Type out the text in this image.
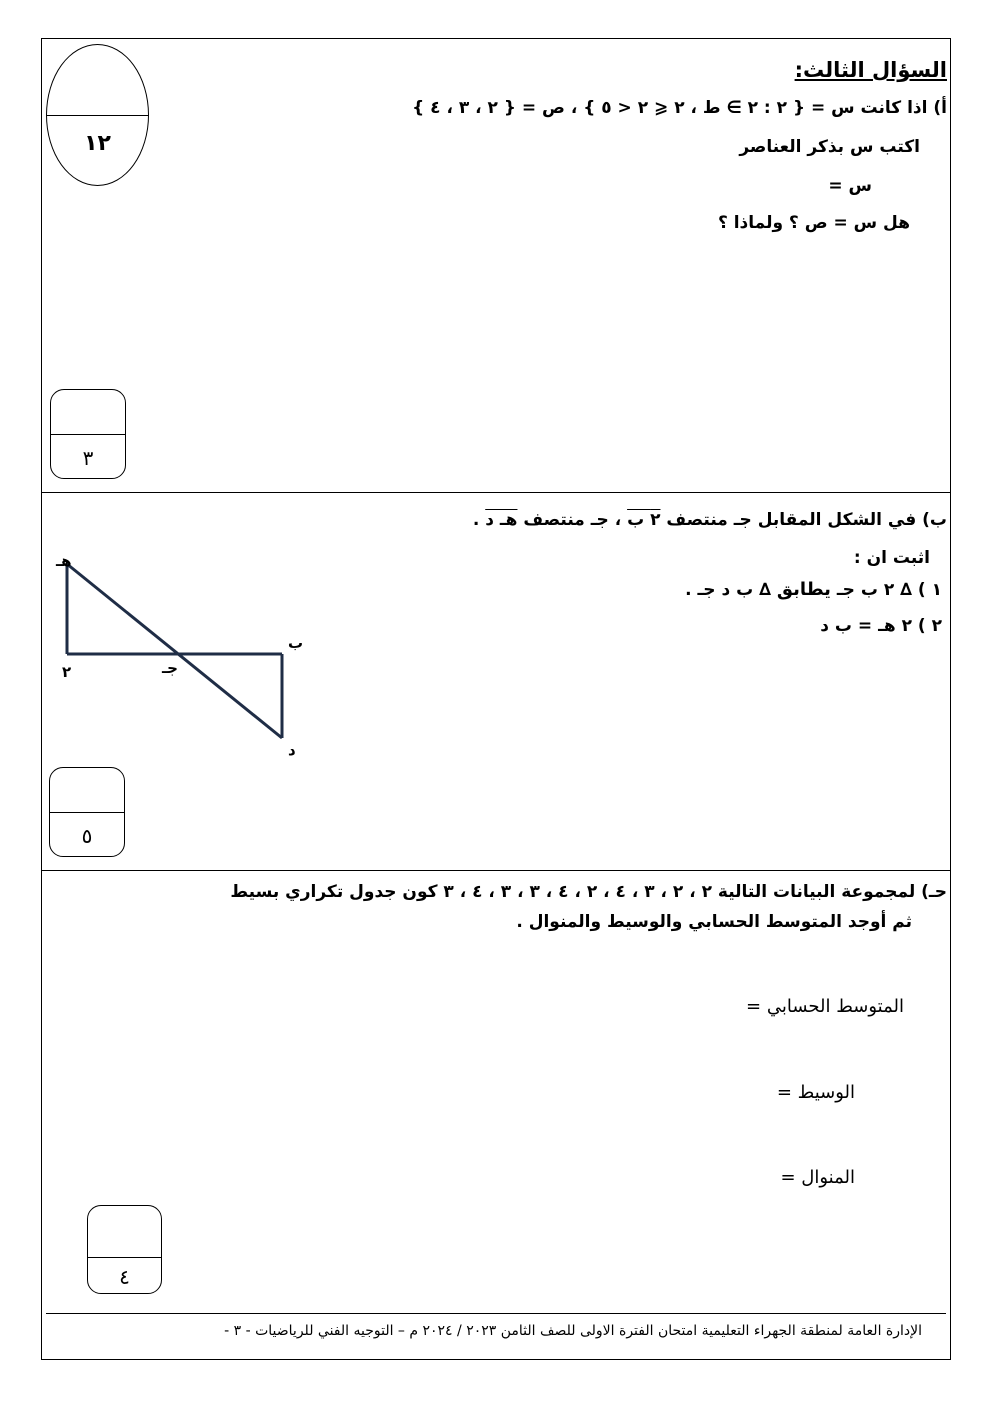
١٢
السؤال الثالث:
أ) اذا كانت س = { ٢ : ٢ ∋ ط ، ٢ ⩽ ٢ < ٥ } ، ص = { ٢ ، ٣ ، ٤ }
اكتب س بذكر العناصر
س =
هل س = ص ؟ ولماذا ؟
٣
ب) في الشكل المقابل جـ منتصف ٢ ب ، جـ منتصف هـ د .
اثبت ان :
١ ) ∆ ٢ ب جـ يطابق ∆ ب د جـ .
٢ ) ٢ هـ = ب د
هـ
٢	جـ
ب
د
٥
حـ) لمجموعة البيانات التالية ٢ ، ٢ ، ٣ ، ٤ ، ٢ ، ٤ ، ٣ ، ٣ ، ٤ ، ٣ كون جدول تكراري بسيط
ثم أوجد المتوسط الحسابي والوسيط والمنوال .
المتوسط الحسابي =
الوسيط =
المنوال =
٤
الإدارة العامة لمنطقة الجهراء التعليمية امتحان الفترة الاولى للصف الثامن ٢٠٢٣ / ٢٠٢٤ م – التوجيه الفني للرياضيات - ٣ -
